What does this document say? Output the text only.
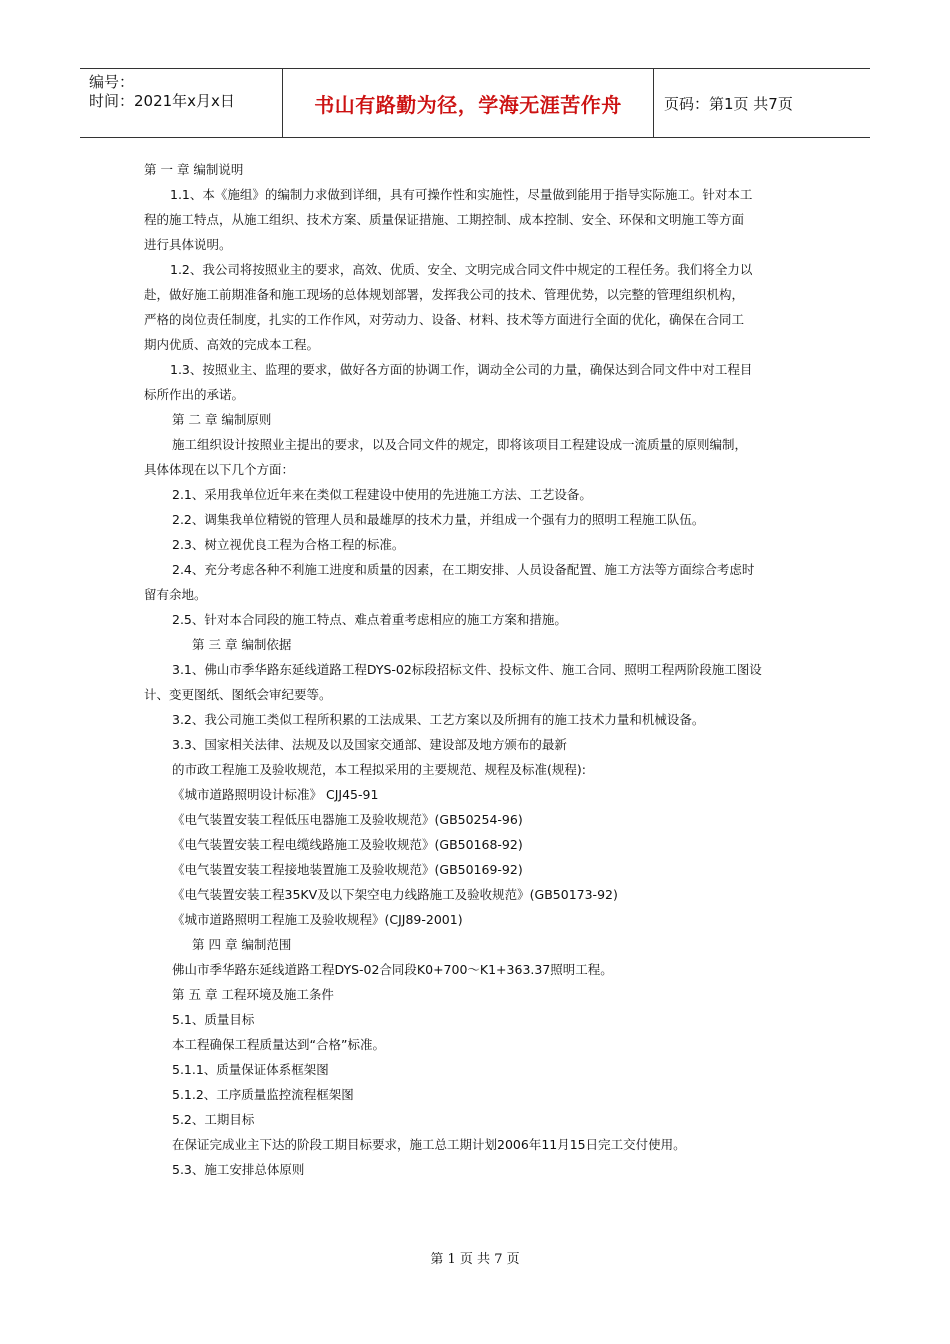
编号：
时间：2021年x月x日	书山有路勤为径，学海无涯苦作舟	页码：第1页 共7页
第 一 章 编制说明
1.1、本《施组》的编制力求做到详细，具有可操作性和实施性，尽量做到能用于指导实际施工。针对本工
程的施工特点，从施工组织、技术方案、质量保证措施、工期控制、成本控制、安全、环保和文明施工等方面
进行具体说明。
1.2、我公司将按照业主的要求，高效、优质、安全、文明完成合同文件中规定的工程任务。我们将全力以
赴，做好施工前期准备和施工现场的总体规划部署，发挥我公司的技术、管理优势，以完整的管理组织机构，
严格的岗位责任制度，扎实的工作作风，对劳动力、设备、材料、技术等方面进行全面的优化，确保在合同工
期内优质、高效的完成本工程。
1.3、按照业主、监理的要求，做好各方面的协调工作，调动全公司的力量，确保达到合同文件中对工程目
标所作出的承诺。
第 二 章 编制原则
施工组织设计按照业主提出的要求，以及合同文件的规定，即将该项目工程建设成一流质量的原则编制，
具体体现在以下几个方面：
2.1、采用我单位近年来在类似工程建设中使用的先进施工方法、工艺设备。
2.2、调集我单位精锐的管理人员和最雄厚的技术力量，并组成一个强有力的照明工程施工队伍。
2.3、树立视优良工程为合格工程的标准。
2.4、充分考虑各种不利施工进度和质量的因素，在工期安排、人员设备配置、施工方法等方面综合考虑时
留有余地。
2.5、针对本合同段的施工特点、难点着重考虑相应的施工方案和措施。
第 三 章 编制依据
3.1、佛山市季华路东延线道路工程DYS-02标段招标文件、投标文件、施工合同、照明工程两阶段施工图设
计、变更图纸、图纸会审纪要等。
3.2、我公司施工类似工程所积累的工法成果、工艺方案以及所拥有的施工技术力量和机械设备。
3.3、国家相关法律、法规及以及国家交通部、建设部及地方颁布的最新
的市政工程施工及验收规范，本工程拟采用的主要规范、规程及标准(规程):
《城市道路照明设计标准》 CJJ45-91
《电气装置安装工程低压电器施工及验收规范》(GB50254-96)
《电气装置安装工程电缆线路施工及验收规范》(GB50168-92)
《电气装置安装工程接地装置施工及验收规范》(GB50169-92)
《电气装置安装工程35KV及以下架空电力线路施工及验收规范》(GB50173-92)
《城市道路照明工程施工及验收规程》(CJJ89-2001)
第 四 章 编制范围
佛山市季华路东延线道路工程DYS-02合同段K0+700～K1+363.37照明工程。
第 五 章 工程环境及施工条件
5.1、质量目标
本工程确保工程质量达到“合格”标准。
5.1.1、质量保证体系框架图
5.1.2、工序质量监控流程框架图
5.2、工期目标
在保证完成业主下达的阶段工期目标要求，施工总工期计划2006年11月15日完工交付使用。
5.3、施工安排总体原则
第 1 页 共 7 页
